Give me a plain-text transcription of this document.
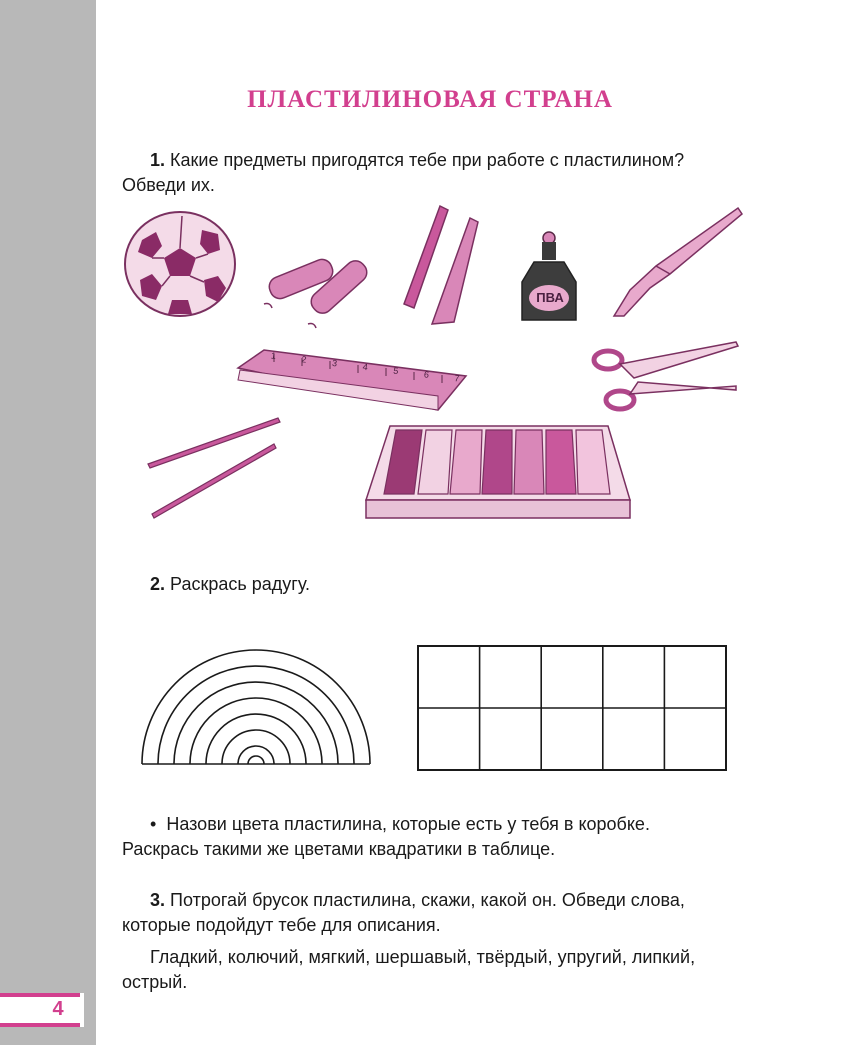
4
ПЛАСТИЛИНОВАЯ СТРАНА
1. Какие предметы пригодятся тебе при работе с пластилином?
Обведи их.
ПВА
1	2	3	4	5	6	7
2. Раскрась радугу.
• Назови цвета пластилина, которые есть у тебя в коробке.
Раскрась такими же цветами квадратики в таблице.
3. Потрогай брусок пластилина, скажи, какой он. Обведи слова,
которые подойдут тебе для описания.
Гладкий, колючий, мягкий, шершавый, твёрдый, упругий, липкий,
острый.
